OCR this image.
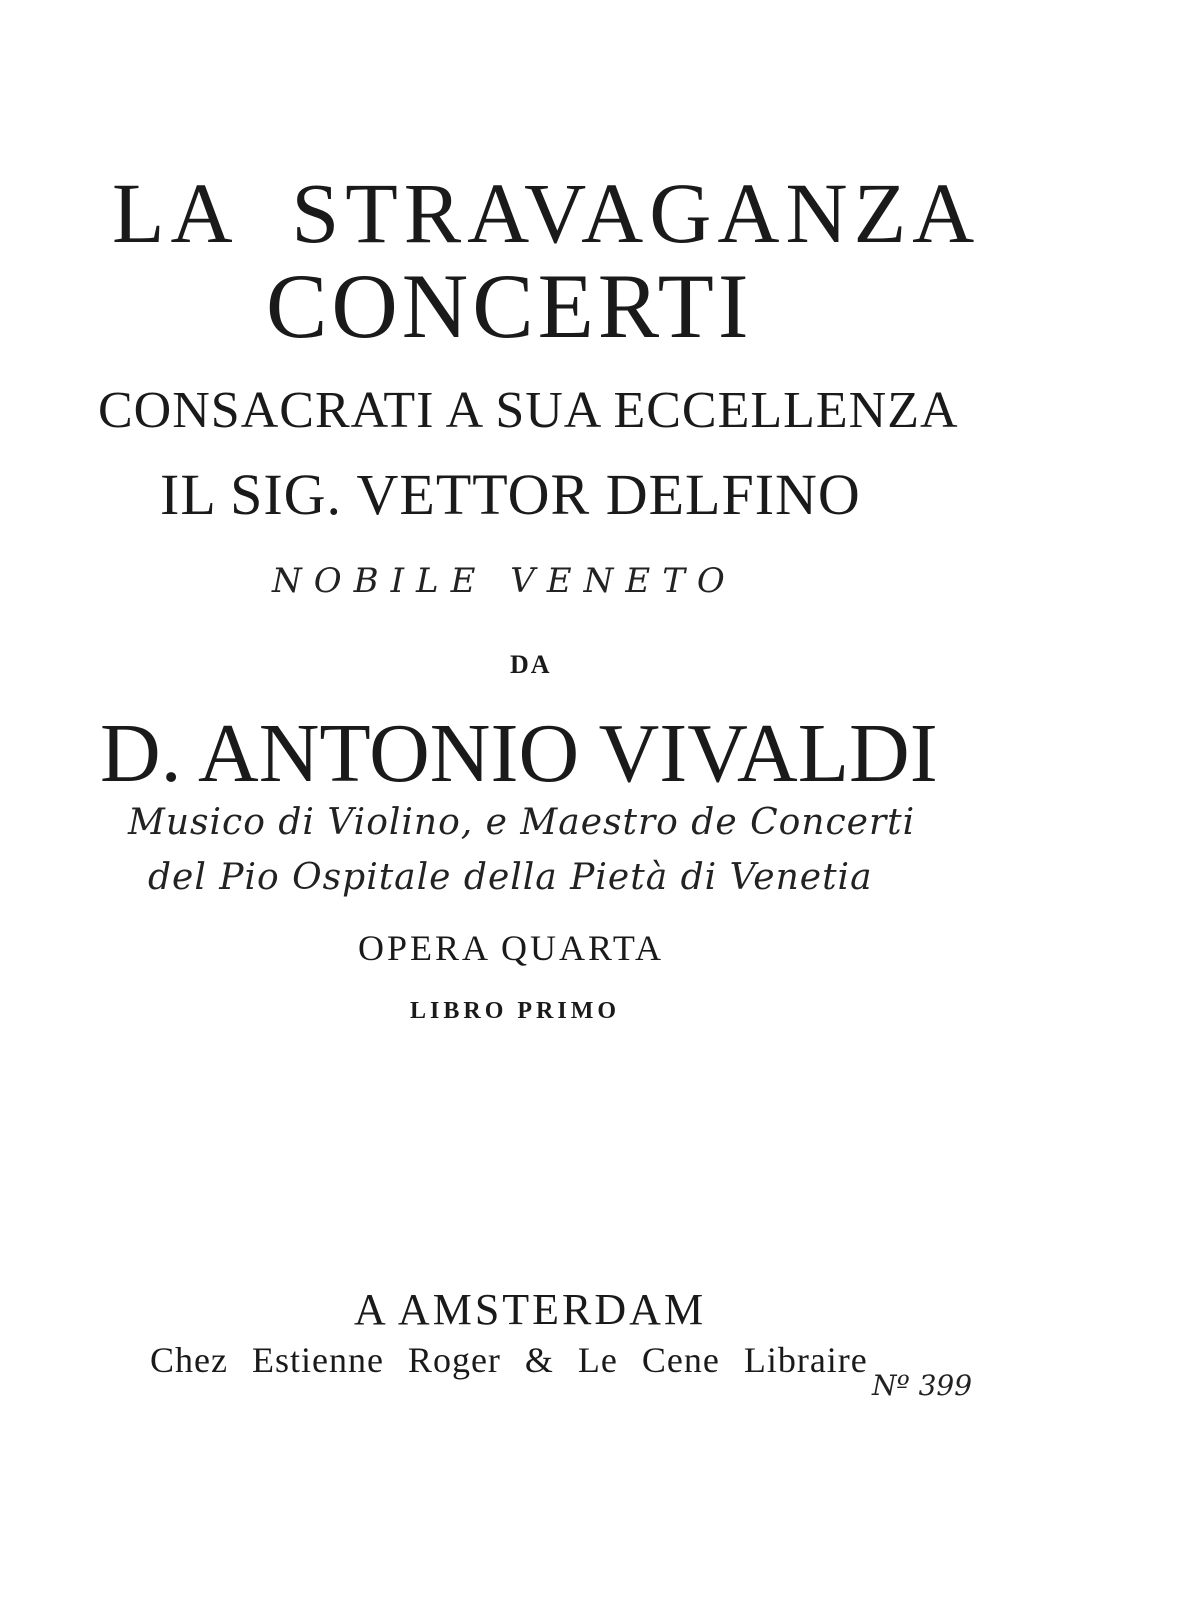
LA STRAVAGANZA
CONCERTI
CONSACRATI A SUA ECCELLENZA
IL SIG. VETTOR DELFINO
NOBILE VENETO
DA
D. ANTONIO VIVALDI
Musico di Violino, e Maestro de Concerti
del Pio Ospitale della Pietà di Venetia
OPERA QUARTA
LIBRO PRIMO
A AMSTERDAM
Chez Estienne Roger & Le Cene Libraire
Nº 399
